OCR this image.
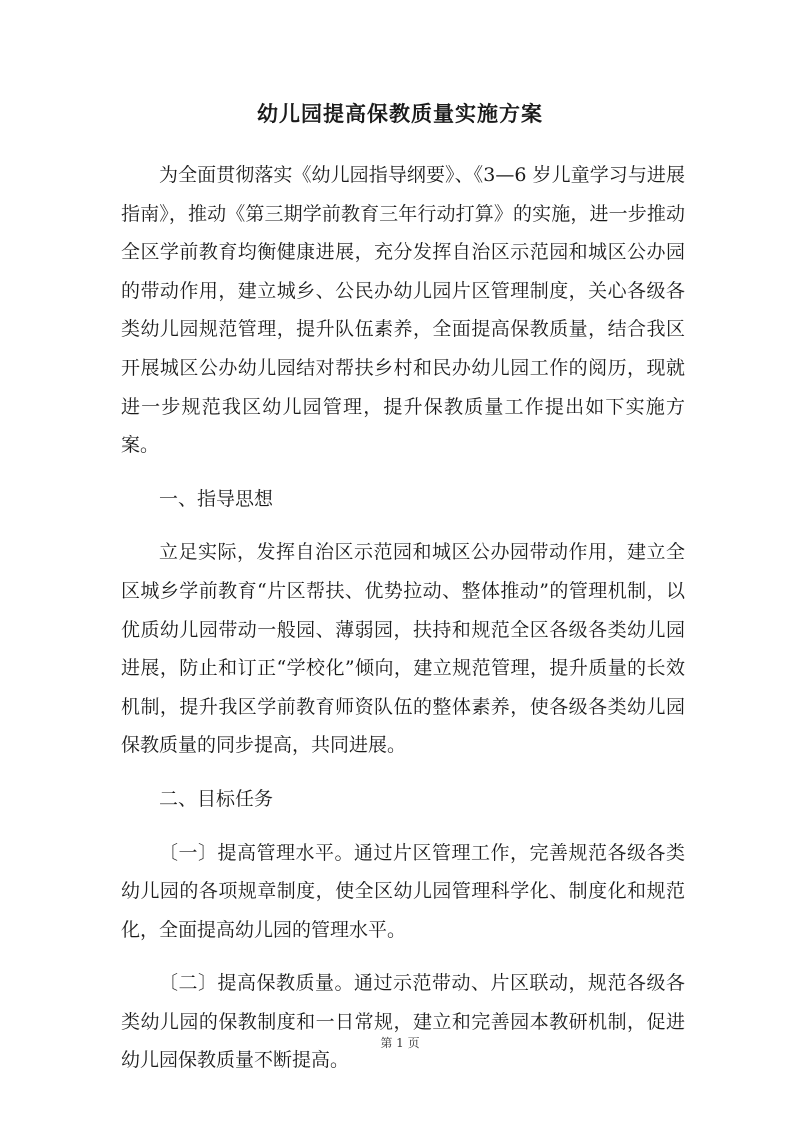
幼儿园提高保教质量实施方案

为全面贯彻落实《幼儿园指导纲要》、《3—6 岁儿童学习与进展指南》，推动《第三期学前教育三年行动打算》的实施，进一步推动全区学前教育均衡健康进展，充分发挥自治区示范园和城区公办园的带动作用，建立城乡、公民办幼儿园片区管理制度，关心各级各类幼儿园规范管理，提升队伍素养，全面提高保教质量，结合我区开展城区公办幼儿园结对帮扶乡村和民办幼儿园工作的阅历，现就进一步规范我区幼儿园管理，提升保教质量工作提出如下实施方案。

一、指导思想

立足实际，发挥自治区示范园和城区公办园带动作用，建立全区城乡学前教育“片区帮扶、优势拉动、整体推动”的管理机制，以优质幼儿园带动一般园、薄弱园，扶持和规范全区各级各类幼儿园进展，防止和订正“学校化”倾向，建立规范管理，提升质量的长效机制，提升我区学前教育师资队伍的整体素养，使各级各类幼儿园保教质量的同步提高，共同进展。

二、目标任务

〔一〕提高管理水平。通过片区管理工作，完善规范各级各类幼儿园的各项规章制度，使全区幼儿园管理科学化、制度化和规范化，全面提高幼儿园的管理水平。

〔二〕提高保教质量。通过示范带动、片区联动，规范各级各类幼儿园的保教制度和一日常规，建立和完善园本教研机制，促进幼儿园保教质量不断提高。

第 1 页
